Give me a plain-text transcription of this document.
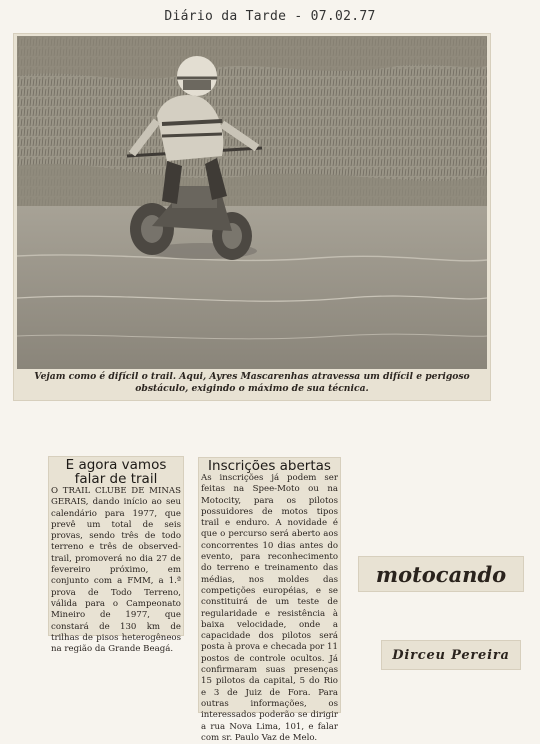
Diário da Tarde - 07.02.77
Vejam como é difícil o trail. Aqui, Ayres Mascarenhas atravessa um difícil e perigoso obstáculo, exigindo o máximo de sua técnica.
E agora vamos falar de trail

O TRAIL CLUBE DE MINAS GERAIS, dando início ao seu calendário para 1977, que prevê um total de seis provas, sendo três de todo terreno e três de observed-trail, promoverá no dia 27 de fevereiro próximo, em conjunto com a FMM, a 1.ª prova de Todo Terreno, válida para o Campeonato Mineiro de 1977, que constará de 130 km de trilhas de pisos heterogêneos na região da Grande Beagá.

Inscrições abertas

As inscrições já podem ser feitas na Spee-Moto ou na Motocity, para os pilotos possuidores de motos tipos trail e enduro. A novidade é que o percurso será aberto aos concorrentes 10 dias antes do evento, para reconhecimento do terreno e treinamento das médias, nos moldes das competições européias, e se constituirá de um teste de regularidade e resistência à baixa velocidade, onde a capacidade dos pilotos será posta à prova e checada por 11 postos de controle ocultos. Já confirmaram suas presenças 15 pilotos da capital, 5 do Rio e 3 de Juiz de Fora. Para outras informações, os interessados poderão se dirigir a rua Nova Lima, 101, e falar com sr. Paulo Vaz de Melo.

motocando
Dirceu Pereira
